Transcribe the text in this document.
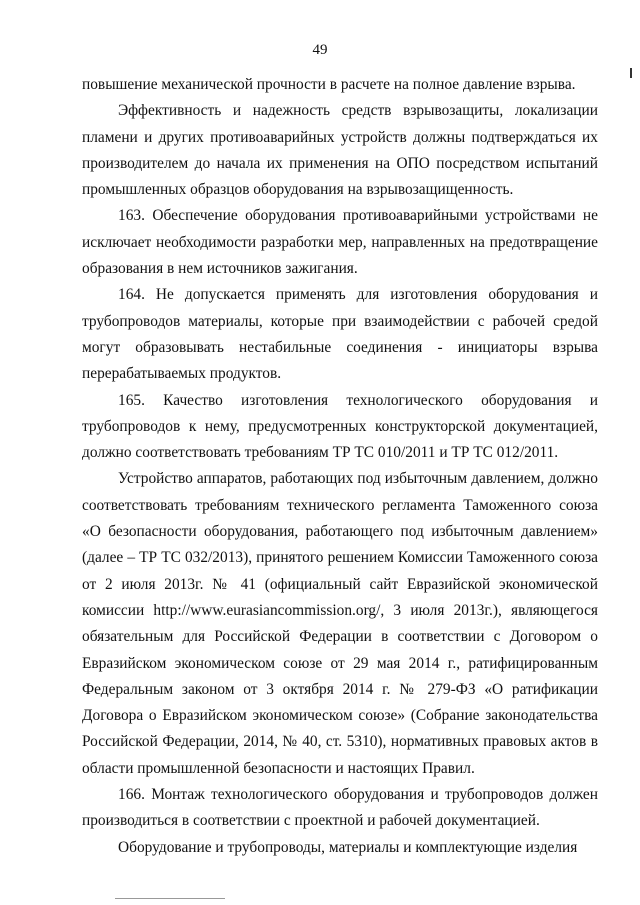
49

повышение механической прочности в расчете на полное давление взрыва.

Эффективность и надежность средств взрывозащиты, локализации пламени и других противоаварийных устройств должны подтверждаться их производителем до начала их применения на ОПО посредством испытаний промышленных образцов оборудования на взрывозащищенность.

163. Обеспечение оборудования противоаварийными устройствами не исключает необходимости разработки мер, направленных на предотвращение образования в нем источников зажигания.

164. Не допускается применять для изготовления оборудования и трубопроводов материалы, которые при взаимодействии с рабочей средой могут образовывать нестабильные соединения - инициаторы взрыва перерабатываемых продуктов.

165. Качество изготовления технологического оборудования и трубопроводов к нему, предусмотренных конструкторской документацией, должно соответствовать требованиям ТР ТС 010/2011 и ТР ТС 012/2011.

Устройство аппаратов, работающих под избыточным давлением, должно соответствовать требованиям технического регламента Таможенного союза «О безопасности оборудования, работающего под избыточным давлением» (далее – ТР ТС 032/2013), принятого решением Комиссии Таможенного союза от 2 июля 2013г. № 41 (официальный сайт Евразийской экономической комиссии http://www.eurasiancommission.org/, 3 июля 2013г.), являющегося обязательным для Российской Федерации в соответствии с Договором о Евразийском экономическом союзе от 29 мая 2014 г., ратифицированным Федеральным законом от 3 октября 2014 г. № 279-ФЗ «О ратификации Договора о Евразийском экономическом союзе» (Собрание законодательства Российской Федерации, 2014, № 40, ст. 5310), нормативных правовых актов в области промышленной безопасности и настоящих Правил.

166. Монтаж технологического оборудования и трубопроводов должен производиться в соответствии с проектной и рабочей документацией.

Оборудование и трубопроводы, материалы и комплектующие изделия
